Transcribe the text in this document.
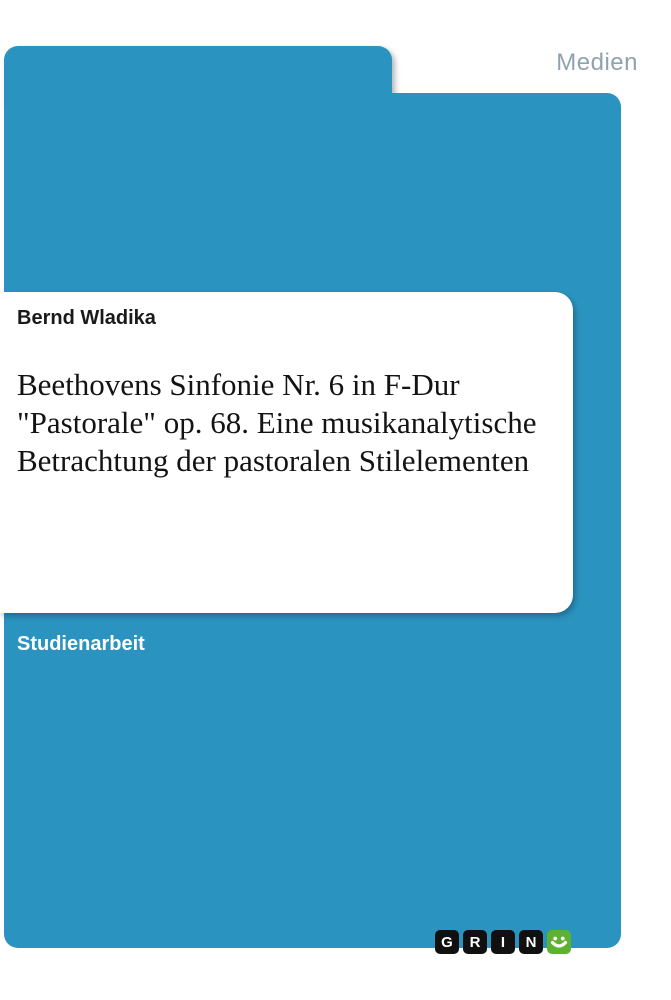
Medien
Bernd Wladika
Beethovens Sinfonie Nr. 6 in F-Dur
"Pastorale" op. 68. Eine musikanalytische
Betrachtung der pastoralen Stilelementen
Studienarbeit
G	R	I	N
